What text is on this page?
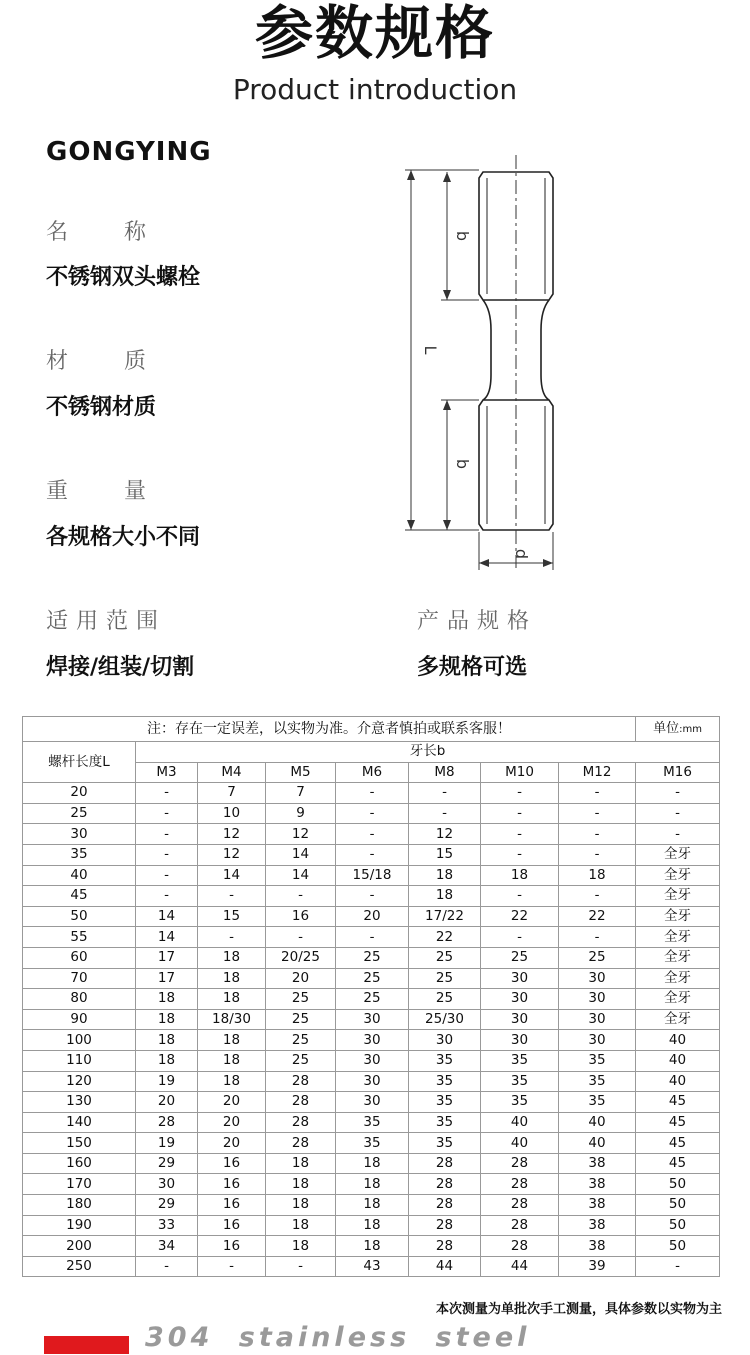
参数规格
Product introduction
GONGYING
名称
不锈钢双头螺栓
材质
不锈钢材质
重量
各规格大小不同
适用范围
焊接/组装/切割
产品规格
多规格可选
L
b
b
d
注：存在一定误差，以实物为准。介意者慎拍或联系客服！								单位:mm
螺杆长度L	牙长b							
	M3	M4	M5	M6	M8	M10	M12	M16
20	-	7	7	-	-	-	-	-
25	-	10	9	-	-	-	-	-
30	-	12	12	-	12	-	-	-
35	-	12	14	-	15	-	-	全牙
40	-	14	14	15/18	18	18	18	全牙
45	-	-	-	-	18	-	-	全牙
50	14	15	16	20	17/22	22	22	全牙
55	14	-	-	-	22	-	-	全牙
60	17	18	20/25	25	25	25	25	全牙
70	17	18	20	25	25	30	30	全牙
80	18	18	25	25	25	30	30	全牙
90	18	18/30	25	30	25/30	30	30	全牙
100	18	18	25	30	30	30	30	40
110	18	18	25	30	35	35	35	40
120	19	18	28	30	35	35	35	40
130	20	20	28	30	35	35	35	45
140	28	20	28	35	35	40	40	45
150	19	20	28	35	35	40	40	45
160	29	16	18	18	28	28	38	45
170	30	16	18	18	28	28	38	50
180	29	16	18	18	28	28	38	50
190	33	16	18	18	28	28	38	50
200	34	16	18	18	28	28	38	50
250	-	-	-	43	44	44	39	-
本次测量为单批次手工测量，具体参数以实物为主
304 stainless steel
